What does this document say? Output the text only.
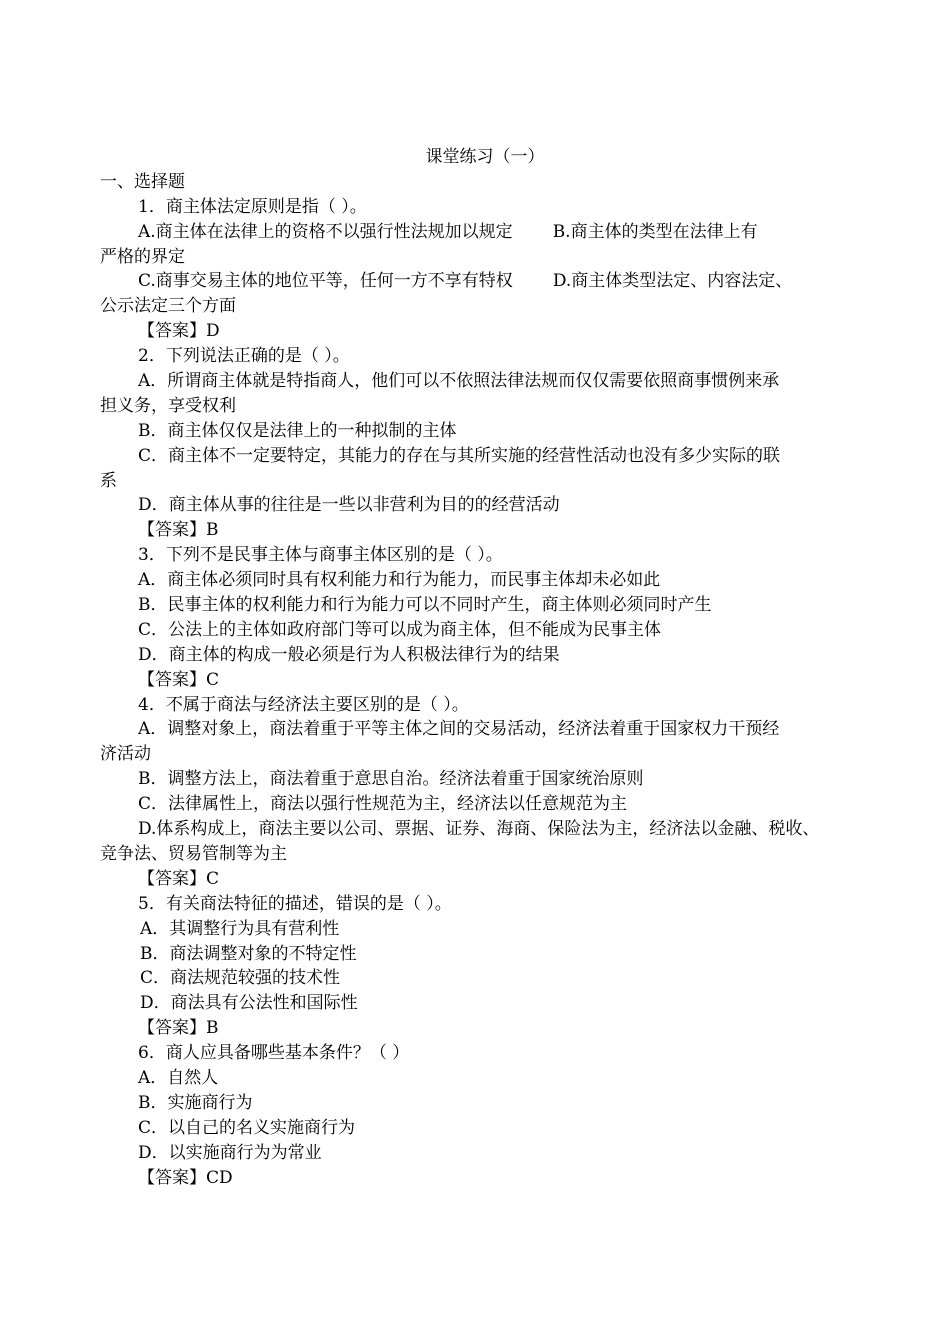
课堂练习（一）
一、选择题
1．商主体法定原则是指（ ）。
A.商主体在法律上的资格不以强行性法规加以规定 B.商主体的类型在法律上有
严格的界定
C.商事交易主体的地位平等，任何一方不享有特权 D.商主体类型法定、内容法定、
公示法定三个方面
【答案】D
2．下列说法正确的是（ ）。
A．所谓商主体就是特指商人，他们可以不依照法律法规而仅仅需要依照商事惯例来承
担义务，享受权利
B．商主体仅仅是法律上的一种拟制的主体
C．商主体不一定要特定，其能力的存在与其所实施的经营性活动也没有多少实际的联
系
D．商主体从事的往往是一些以非营利为目的的经营活动
【答案】B
3．下列不是民事主体与商事主体区别的是（ ）。
A．商主体必须同时具有权利能力和行为能力，而民事主体却未必如此
B．民事主体的权利能力和行为能力可以不同时产生，商主体则必须同时产生
C．公法上的主体如政府部门等可以成为商主体，但不能成为民事主体
D．商主体的构成一般必须是行为人积极法律行为的结果
【答案】C
4．不属于商法与经济法主要区别的是（ ）。
A．调整对象上，商法着重于平等主体之间的交易活动，经济法着重于国家权力干预经
济活动
B．调整方法上，商法着重于意思自治。经济法着重于国家统治原则
C．法律属性上，商法以强行性规范为主，经济法以任意规范为主
D.体系构成上，商法主要以公司、票据、证券、海商、保险法为主，经济法以金融、税收、
竞争法、贸易管制等为主
【答案】C
5．有关商法特征的描述，错误的是（ ）。
A．其调整行为具有营利性
B．商法调整对象的不特定性
C．商法规范较强的技术性
D．商法具有公法性和国际性
【答案】B
6．商人应具备哪些基本条件？（ ）
A．自然人
B．实施商行为
C．以自己的名义实施商行为
D．以实施商行为为常业
【答案】CD
